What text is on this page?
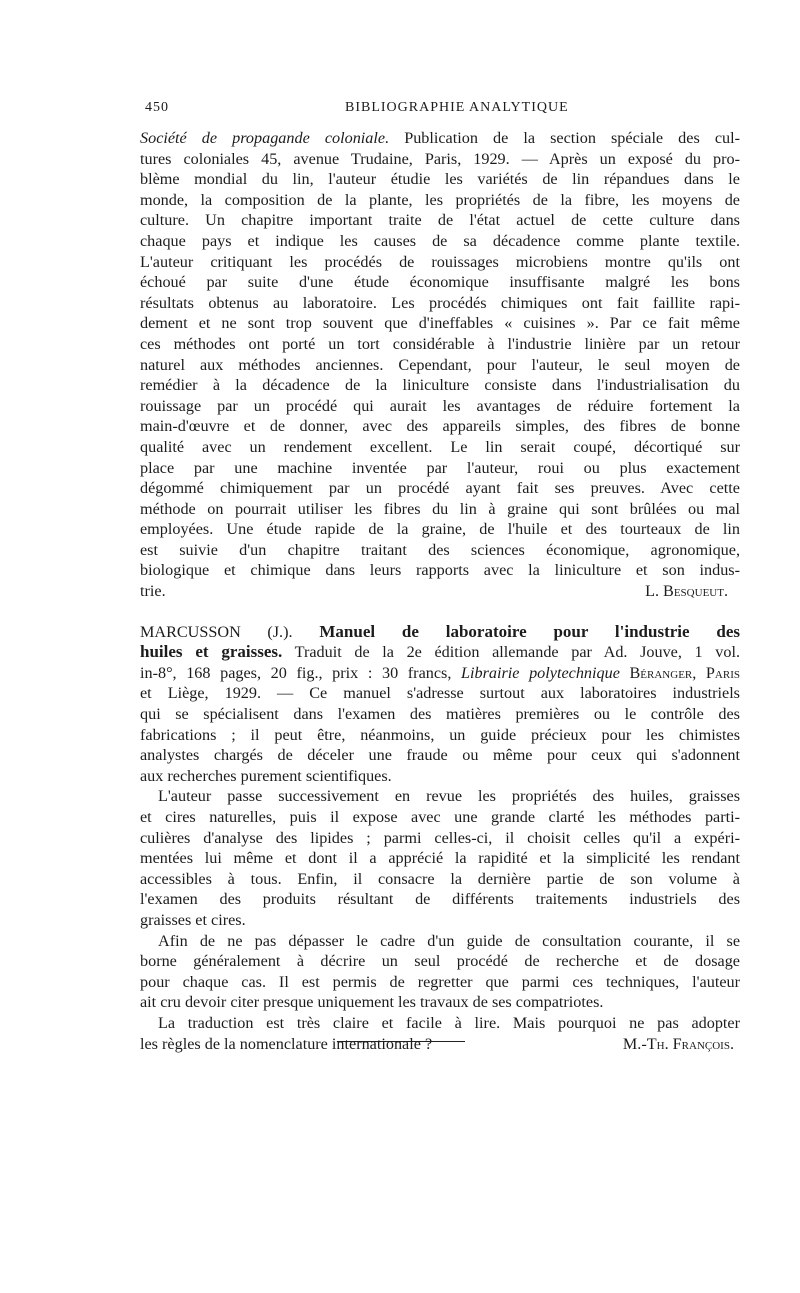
450	BIBLIOGRAPHIE ANALYTIQUE
Société de propagande coloniale. Publication de la section spéciale des cul-
tures coloniales 45, avenue Trudaine, Paris, 1929. — Après un exposé du pro-
blème mondial du lin, l'auteur étudie les variétés de lin répandues dans le
monde, la composition de la plante, les propriétés de la fibre, les moyens de
culture. Un chapitre important traite de l'état actuel de cette culture dans
chaque pays et indique les causes de sa décadence comme plante textile.
L'auteur critiquant les procédés de rouissages microbiens montre qu'ils ont
échoué par suite d'une étude économique insuffisante malgré les bons
résultats obtenus au laboratoire. Les procédés chimiques ont fait faillite rapi-
dement et ne sont trop souvent que d'ineffables « cuisines ». Par ce fait même
ces méthodes ont porté un tort considérable à l'industrie linière par un retour
naturel aux méthodes anciennes. Cependant, pour l'auteur, le seul moyen de
remédier à la décadence de la liniculture consiste dans l'industrialisation du
rouissage par un procédé qui aurait les avantages de réduire fortement la
main-d'œuvre et de donner, avec des appareils simples, des fibres de bonne
qualité avec un rendement excellent. Le lin serait coupé, décortiqué sur
place par une machine inventée par l'auteur, roui ou plus exactement
dégommé chimiquement par un procédé ayant fait ses preuves. Avec cette
méthode on pourrait utiliser les fibres du lin à graine qui sont brûlées ou mal
employées. Une étude rapide de la graine, de l'huile et des tourteaux de lin
est suivie d'un chapitre traitant des sciences économique, agronomique,
biologique et chimique dans leurs rapports avec la liniculture et son indus-
trie.	L. Besqueut.
MARCUSSON (J.). Manuel de laboratoire pour l'industrie des
huiles et graisses. Traduit de la 2e édition allemande par Ad. Jouve, 1 vol.
in-8°, 168 pages, 20 fig., prix : 30 francs, Librairie polytechnique Béranger, Paris
et Liège, 1929. — Ce manuel s'adresse surtout aux laboratoires industriels
qui se spécialisent dans l'examen des matières premières ou le contrôle des
fabrications ; il peut être, néanmoins, un guide précieux pour les chimistes
analystes chargés de déceler une fraude ou même pour ceux qui s'adonnent
aux recherches purement scientifiques.
L'auteur passe successivement en revue les propriétés des huiles, graisses
et cires naturelles, puis il expose avec une grande clarté les méthodes parti-
culières d'analyse des lipides ; parmi celles-ci, il choisit celles qu'il a expéri-
mentées lui même et dont il a apprécié la rapidité et la simplicité les rendant
accessibles à tous. Enfin, il consacre la dernière partie de son volume à
l'examen des produits résultant de différents traitements industriels des
graisses et cires.
Afin de ne pas dépasser le cadre d'un guide de consultation courante, il se
borne généralement à décrire un seul procédé de recherche et de dosage
pour chaque cas. Il est permis de regretter que parmi ces techniques, l'auteur
ait cru devoir citer presque uniquement les travaux de ses compatriotes.
La traduction est très claire et facile à lire. Mais pourquoi ne pas adopter
les règles de la nomenclature internationale ?	M.-Th. François.
